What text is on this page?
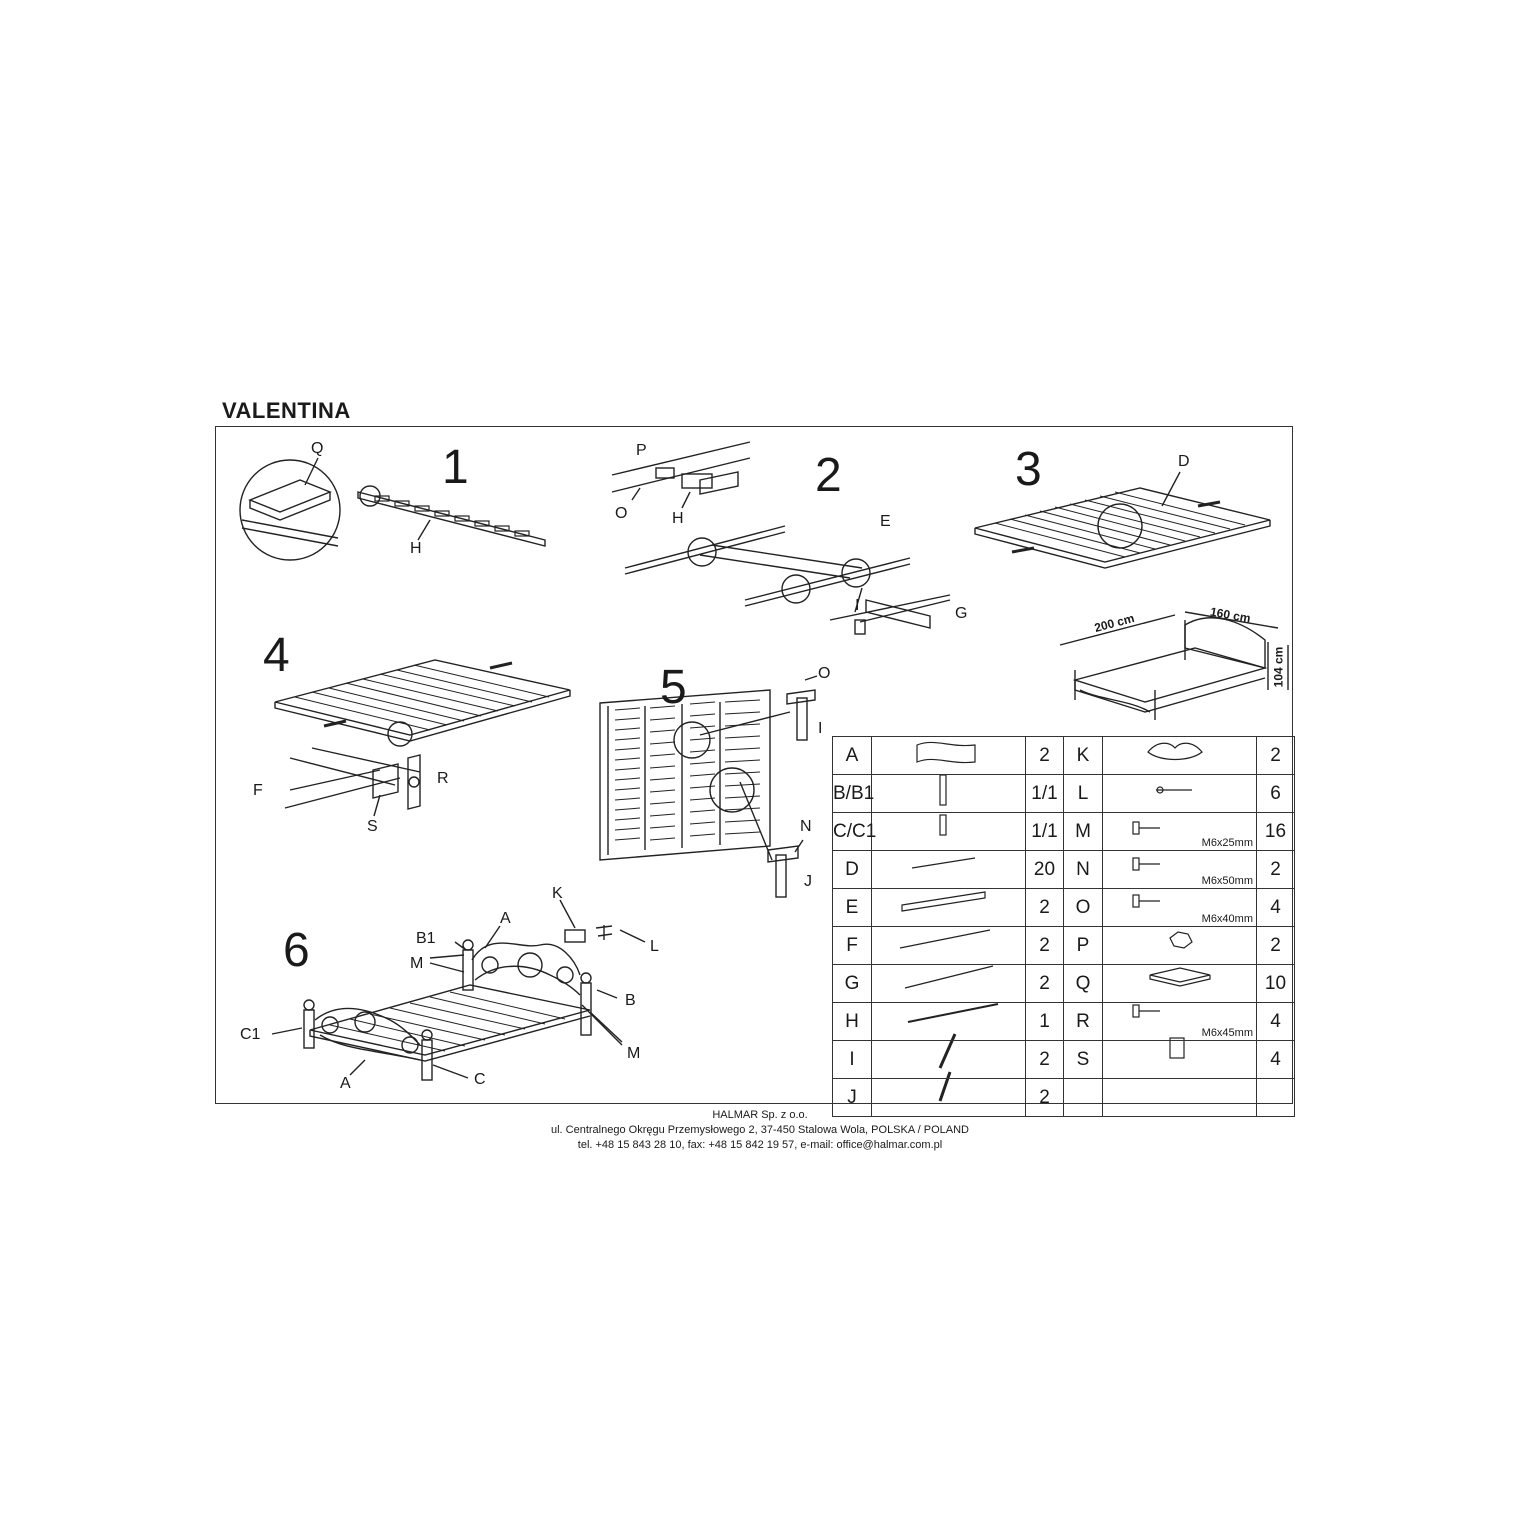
VALENTINA
1	2	3
4
5
6
Q
H
P
O	H	E
I	G
D
F
R
S
O
I
N
J
K
A
B1	L
M
B
C1
M
A	C
200 cm	160 cm
104 cm
A		2	K		2
B/B1		1/1	L		6
C/C1		1/1	M	M6x25mm	16
D		20	N	M6x50mm	2
E		2	O	M6x40mm	4
F		2	P		2
G		2	Q		10
H		1	R	M6x45mm	4
I		2	S		4
J		2		

HALMAR Sp. z o.o.
ul. Centralnego Okręgu Przemysłowego 2, 37-450 Stalowa Wola, POLSKA / POLAND
tel. +48 15 843 28 10, fax: +48 15 842 19 57, e-mail: office@halmar.com.pl
